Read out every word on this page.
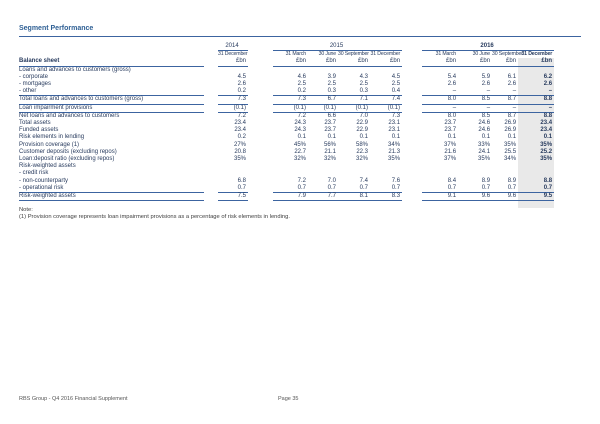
Segment Performance
		2014		2015					2016			
		31 December		31 March	30 June	30 September	31 December		31 March	30 June	30 September	31 December
Balance sheet		£bn		£bn	£bn	£bn	£bn		£bn	£bn	£bn	£bn
Loans and advances to customers (gross)												
- corporate		4.5		4.6	3.9	4.3	4.5		5.4	5.9	6.1	6.2
- mortgages		2.6		2.5	2.5	2.5	2.5		2.6	2.6	2.6	2.6
- other		0.2		0.2	0.3	0.3	0.4		–	–	–	–
Total loans and advances to customers (gross)		7.3		7.3	6.7	7.1	7.4		8.0	8.5	8.7	8.8
Loan impairment provisions		(0.1)		(0.1)	(0.1)	(0.1)	(0.1)		–	–	–	–
Net loans and advances to customers		7.2		7.2	6.6	7.0	7.3		8.0	8.5	8.7	8.8
Total assets		23.4		24.3	23.7	22.9	23.1		23.7	24.6	26.9	23.4
Funded assets		23.4		24.3	23.7	22.9	23.1		23.7	24.6	26.9	23.4
Risk elements in lending		0.2		0.1	0.1	0.1	0.1		0.1	0.1	0.1	0.1
Provision coverage (1)		27%		45%	56%	58%	34%		37%	33%	35%	35%
Customer deposits (excluding repos)		20.8		22.7	21.1	22.3	21.3		21.6	24.1	25.5	25.2
Loan:deposit ratio (excluding repos)		35%		32%	32%	32%	35%		37%	35%	34%	35%
Risk-weighted assets												
- credit risk												
- non-counterparty		6.8		7.2	7.0	7.4	7.6		8.4	8.9	8.9	8.8
- operational risk		0.7		0.7	0.7	0.7	0.7		0.7	0.7	0.7	0.7
Risk-weighted assets		7.5		7.9	7.7	8.1	8.3		9.1	9.6	9.6	9.5

Note:
(1) Provision coverage represents loan impairment provisions as a percentage of risk elements in lending.
RBS Group - Q4 2016 Financial Supplement	Page 35
